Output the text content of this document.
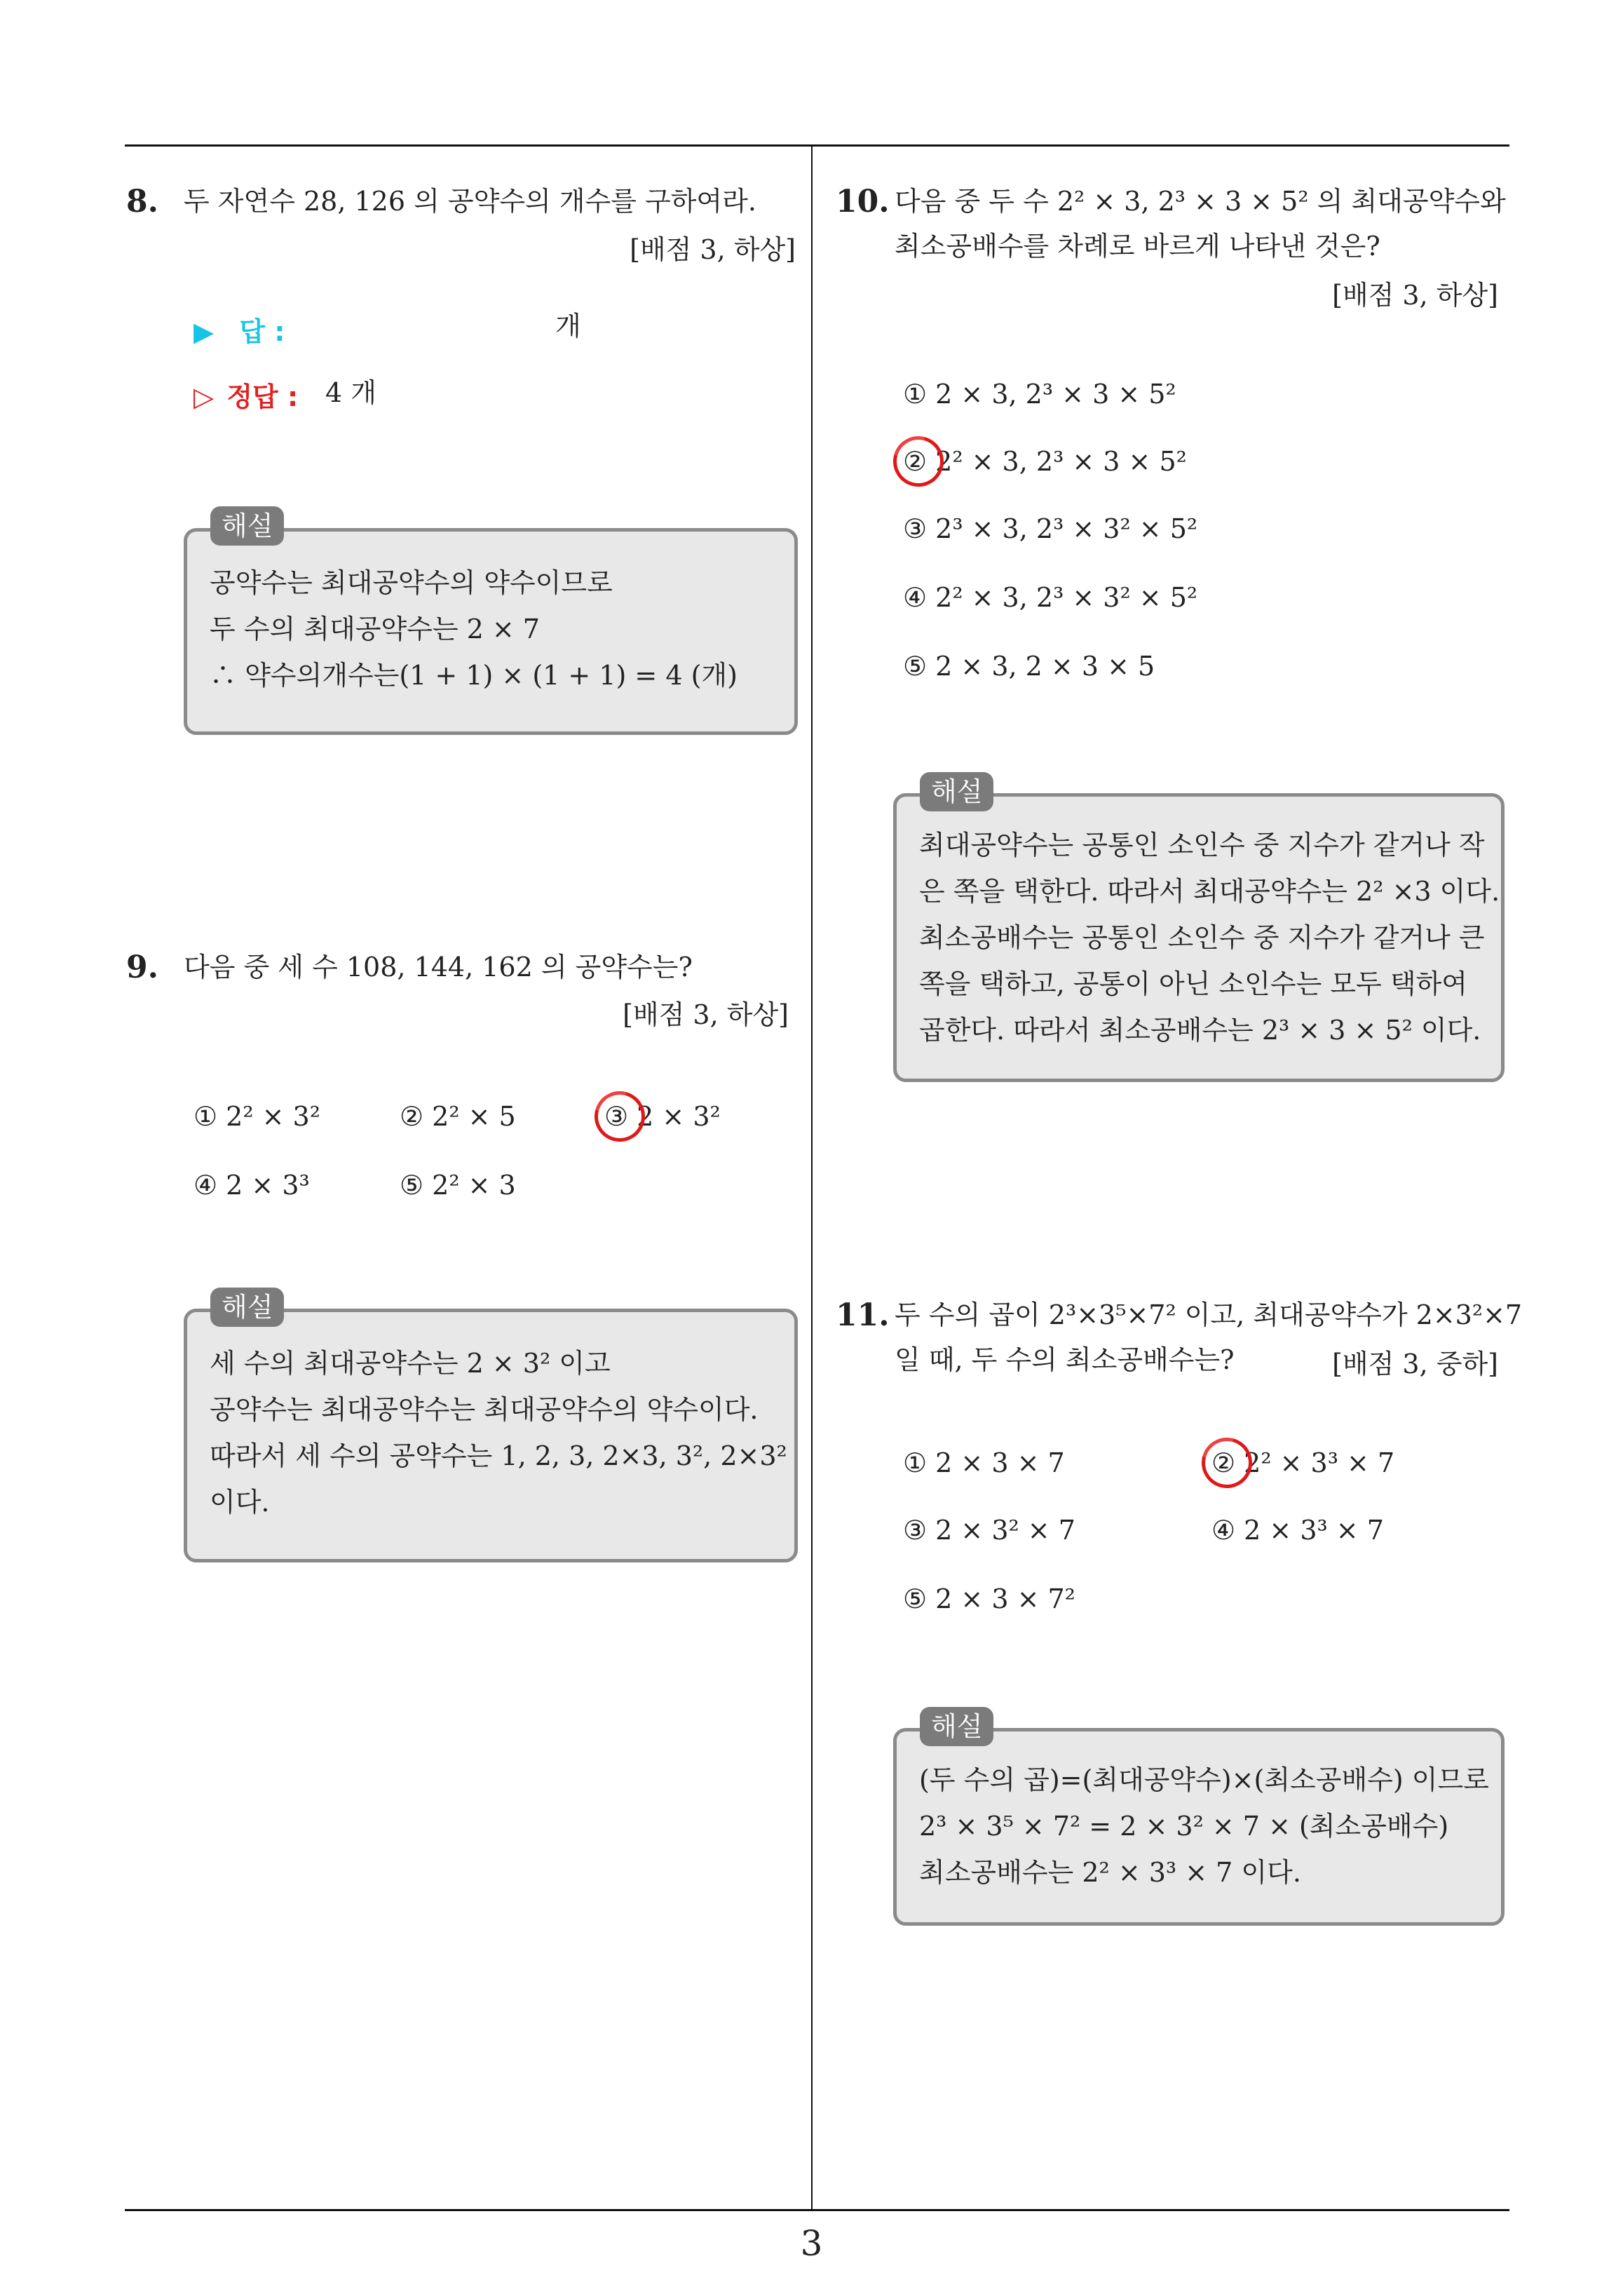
8. 두 자연수 28, 126 의 공약수의 개수를 구하여라.
[배점 3, 하상]
▶ 답 :	개
▷ 정답 : 4 개
공약수는 최대공약수의 약수이므로
두 수의 최대공약수는 2 × 7
∴ 약수의개수는(1 + 1) × (1 + 1) = 4 (개)
해설
9. 다음 중 세 수 108, 144, 162 의 공약수는?
[배점 3, 하상]
① 2² × 3²	② 2² × 5	③ 2 × 3²
④ 2 × 3³	⑤ 2² × 3
세 수의 최대공약수는 2 × 3² 이고
공약수는 최대공약수는 최대공약수의 약수이다.
따라서 세 수의 공약수는 1, 2, 3, 2×3, 3², 2×3²
이다.
해설
10. 다음 중 두 수 2² × 3, 2³ × 3 × 5² 의 최대공약수와
최소공배수를 차례로 바르게 나타낸 것은?
[배점 3, 하상]
① 2 × 3, 2³ × 3 × 5²
② 2² × 3, 2³ × 3 × 5²
③ 2³ × 3, 2³ × 3² × 5²
④ 2² × 3, 2³ × 3² × 5²
⑤ 2 × 3, 2 × 3 × 5
최대공약수는 공통인 소인수 중 지수가 같거나 작
은 쪽을 택한다. 따라서 최대공약수는 2² ×3 이다.
최소공배수는 공통인 소인수 중 지수가 같거나 큰
쪽을 택하고, 공통이 아닌 소인수는 모두 택하여
곱한다. 따라서 최소공배수는 2³ × 3 × 5² 이다.
해설
11. 두 수의 곱이 2³×3⁵×7² 이고, 최대공약수가 2×3²×7
일 때, 두 수의 최소공배수는?	[배점 3, 중하]
① 2 × 3 × 7	② 2² × 3³ × 7
③ 2 × 3² × 7	④ 2 × 3³ × 7
⑤ 2 × 3 × 7²
(두 수의 곱)=(최대공약수)×(최소공배수) 이므로
2³ × 3⁵ × 7² = 2 × 3² × 7 × (최소공배수)
최소공배수는 2² × 3³ × 7 이다.
해설
3
